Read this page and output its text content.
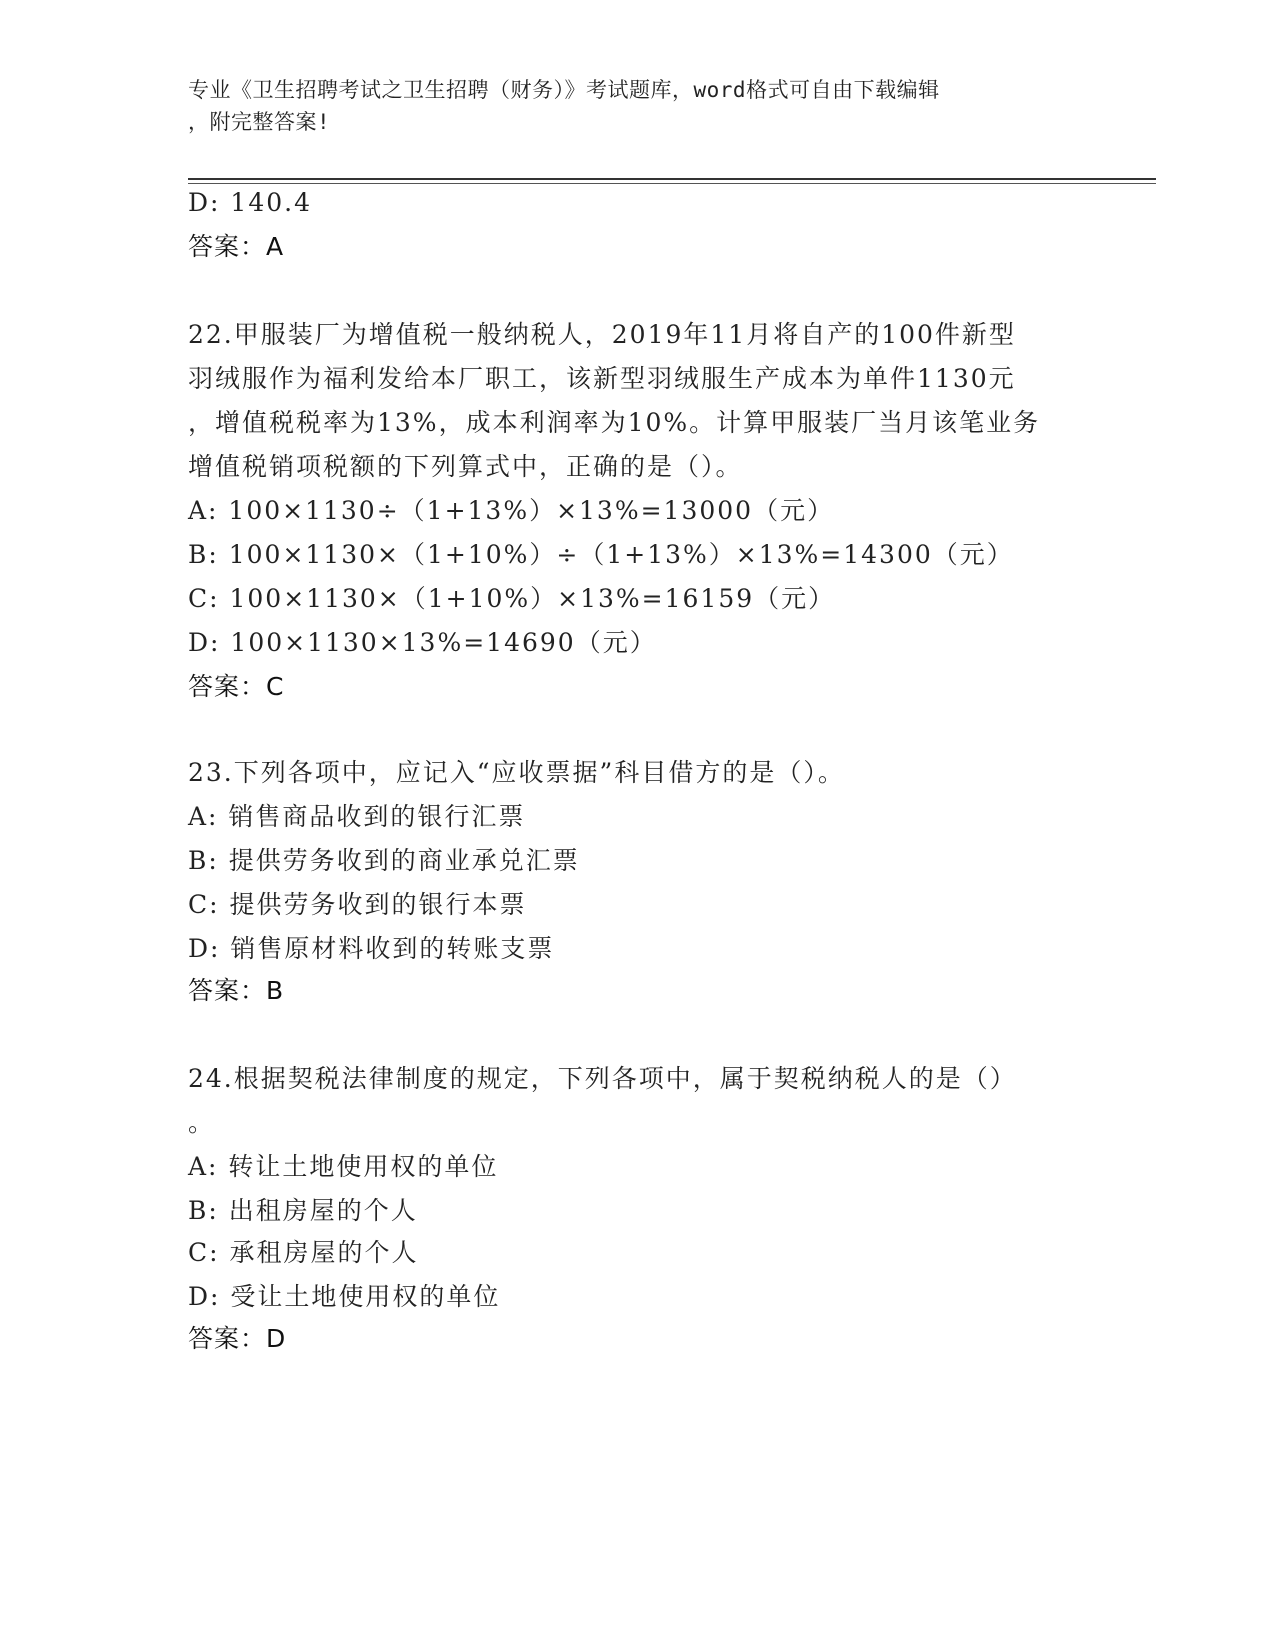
专业《卫生招聘考试之卫生招聘（财务）》考试题库，word格式可自由下载编辑
，附完整答案!
D: 140.4
答案：A
22.甲服装厂为增值税一般纳税人，2019年11月将自产的100件新型
羽绒服作为福利发给本厂职工，该新型羽绒服生产成本为单件1130元
，增值税税率为13%，成本利润率为10%。计算甲服装厂当月该笔业务
增值税销项税额的下列算式中，正确的是（）。
A: 100×1130÷（1+13%）×13%=13000（元）
B: 100×1130×（1+10%）÷（1+13%）×13%=14300（元）
C: 100×1130×（1+10%）×13%=16159（元）
D: 100×1130×13%=14690（元）
答案：C
23.下列各项中，应记入“应收票据”科目借方的是（）。
A: 销售商品收到的银行汇票
B: 提供劳务收到的商业承兑汇票
C: 提供劳务收到的银行本票
D: 销售原材料收到的转账支票
答案：B
24.根据契税法律制度的规定，下列各项中，属于契税纳税人的是（）
。
A: 转让土地使用权的单位
B: 出租房屋的个人
C: 承租房屋的个人
D: 受让土地使用权的单位
答案：D
